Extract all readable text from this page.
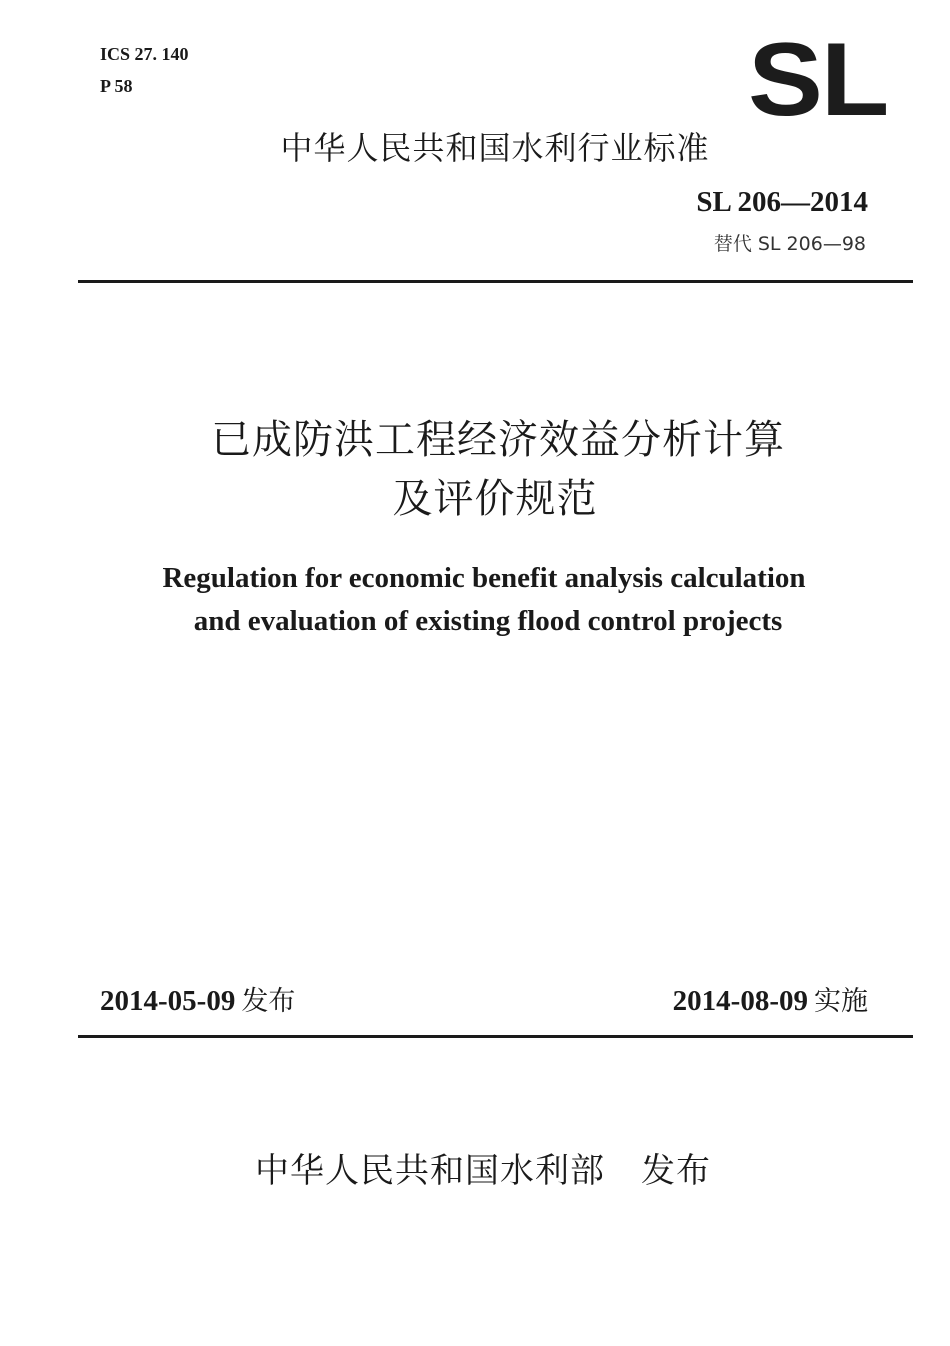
ICS 27. 140
P 58	SL
中华人民共和国水利行业标准
SL 206—2014
替代 SL 206—98
已成防洪工程经济效益分析计算
及评价规范
Regulation for economic benefit analysis calculation
and evaluation of existing flood control projects
2014-05-09 发布	2014-08-09 实施
中华人民共和国水利部 发布
